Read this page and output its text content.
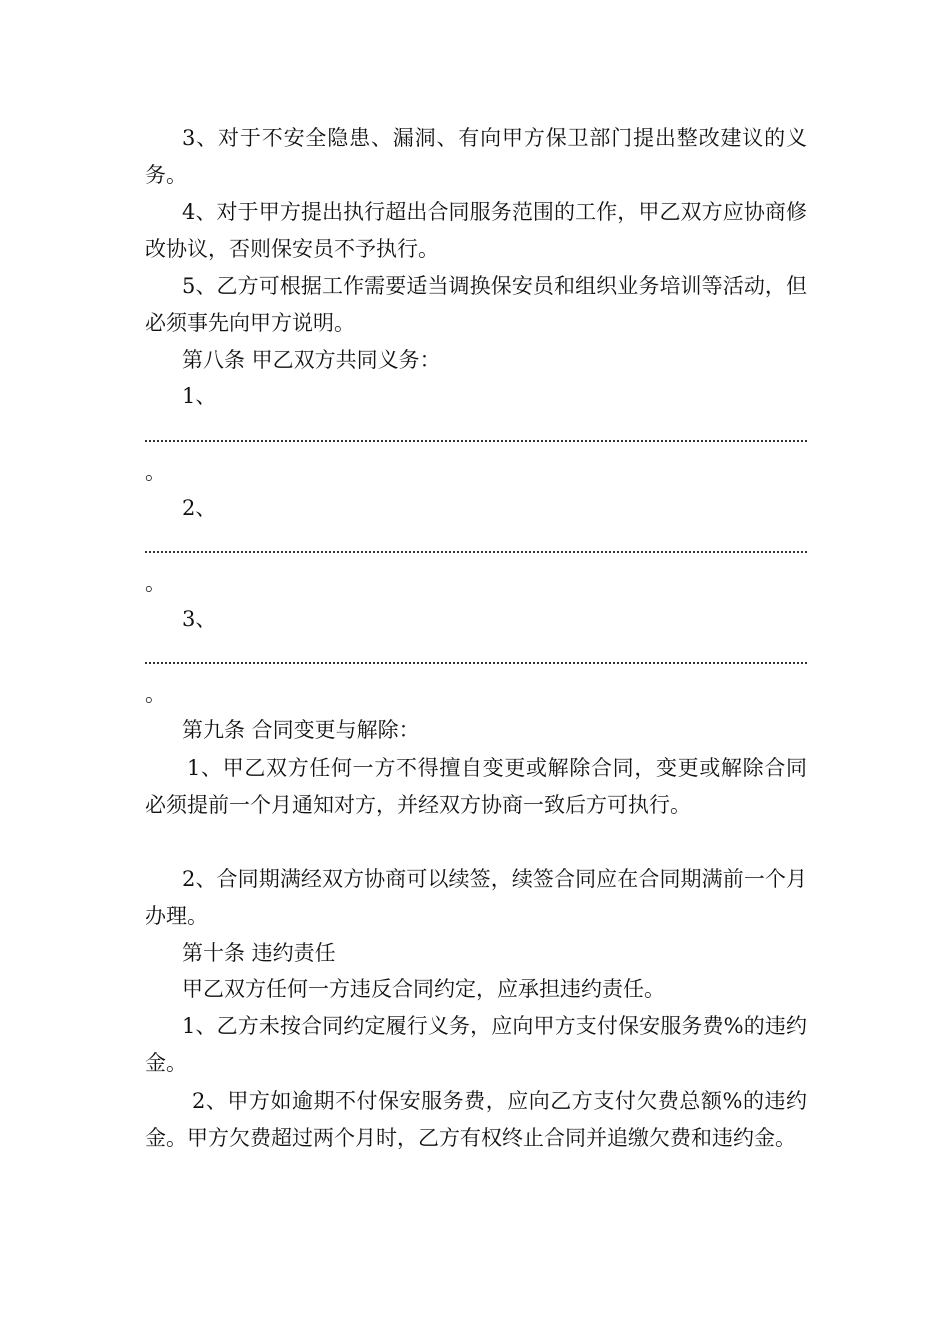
3、对于不安全隐患、漏洞、有向甲方保卫部门提出整改建议的义务。

4、对于甲方提出执行超出合同服务范围的工作，甲乙双方应协商修改协议，否则保安员不予执行。

5、乙方可根据工作需要适当调换保安员和组织业务培训等活动，但必须事先向甲方说明。

第八条 甲乙双方共同义务：

1、

。

2、

。

3、

。

第九条 合同变更与解除：

1、甲乙双方任何一方不得擅自变更或解除合同，变更或解除合同必须提前一个月通知对方，并经双方协商一致后方可执行。

2、合同期满经双方协商可以续签，续签合同应在合同期满前一个月办理。

第十条 违约责任

甲乙双方任何一方违反合同约定，应承担违约责任。

1、乙方未按合同约定履行义务，应向甲方支付保安服务费%的违约金。

2、甲方如逾期不付保安服务费，应向乙方支付欠费总额%的违约金。甲方欠费超过两个月时，乙方有权终止合同并追缴欠费和违约金。
